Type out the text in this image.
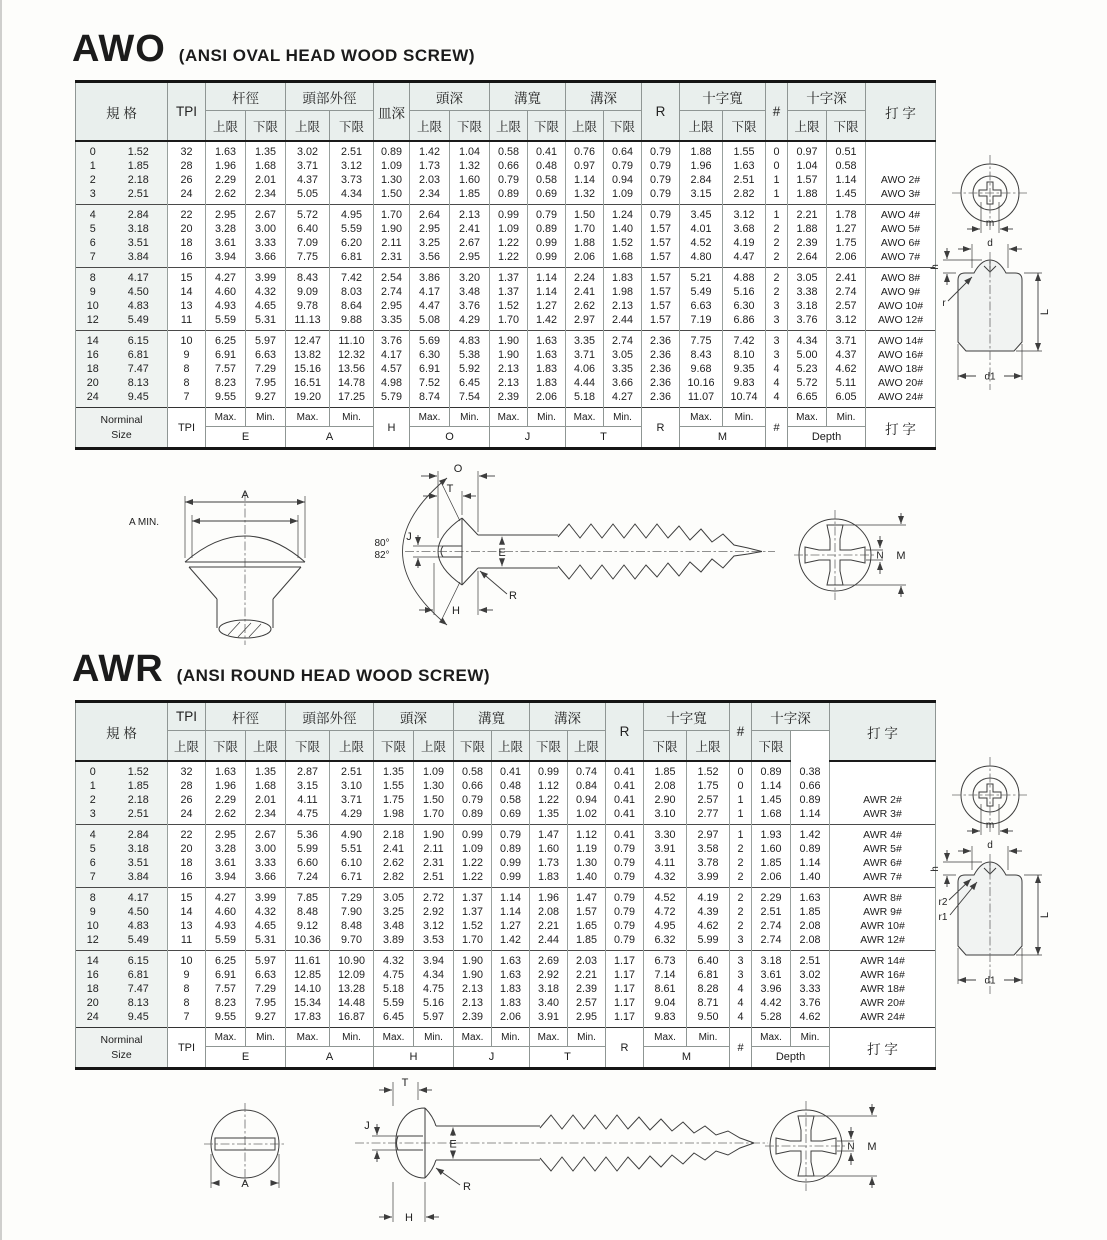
AWO (ANSI OVAL HEAD WOOD SCREW)
規 格		TPI	杆徑		頭部外徑		皿深	頭深		溝寬		溝深		R	十字寬		#	十字深		打 字
			上限	下限	上限	下限		上限	下限	上限	下限	上限	下限		上限	下限		上限	下限	
0	1.52	32	1.63	1.35	3.02	2.51	0.89	1.42	1.04	0.58	0.41	0.76	0.64	0.79	1.88	1.55	0	0.97	0.51	
1	1.85	28	1.96	1.68	3.71	3.12	1.09	1.73	1.32	0.66	0.48	0.97	0.79	0.79	1.96	1.63	0	1.04	0.58	
2	2.18	26	2.29	2.01	4.37	3.73	1.30	2.03	1.60	0.79	0.58	1.14	0.94	0.79	2.84	2.51	1	1.57	1.14	AWO 2#
3	2.51	24	2.62	2.34	5.05	4.34	1.50	2.34	1.85	0.89	0.69	1.32	1.09	0.79	3.15	2.82	1	1.88	1.45	AWO 3#
4	2.84	22	2.95	2.67	5.72	4.95	1.70	2.64	2.13	0.99	0.79	1.50	1.24	0.79	3.45	3.12	1	2.21	1.78	AWO 4#
5	3.18	20	3.28	3.00	6.40	5.59	1.90	2.95	2.41	1.09	0.89	1.70	1.40	1.57	4.01	3.68	2	1.88	1.27	AWO 5#
6	3.51	18	3.61	3.33	7.09	6.20	2.11	3.25	2.67	1.22	0.99	1.88	1.52	1.57	4.52	4.19	2	2.39	1.75	AWO 6#
7	3.84	16	3.94	3.66	7.75	6.81	2.31	3.56	2.95	1.22	0.99	2.06	1.68	1.57	4.80	4.47	2	2.64	2.06	AWO 7#
8	4.17	15	4.27	3.99	8.43	7.42	2.54	3.86	3.20	1.37	1.14	2.24	1.83	1.57	5.21	4.88	2	3.05	2.41	AWO 8#
9	4.50	14	4.60	4.32	9.09	8.03	2.74	4.17	3.48	1.37	1.14	2.41	1.98	1.57	5.49	5.16	2	3.38	2.74	AWO 9#
10	4.83	13	4.93	4.65	9.78	8.64	2.95	4.47	3.76	1.52	1.27	2.62	2.13	1.57	6.63	6.30	3	3.18	2.57	AWO 10#
12	5.49	11	5.59	5.31	11.13	9.88	3.35	5.08	4.29	1.70	1.42	2.97	2.44	1.57	7.19	6.86	3	3.76	3.12	AWO 12#
14	6.15	10	6.25	5.97	12.47	11.10	3.76	5.69	4.83	1.90	1.63	3.35	2.74	2.36	7.75	7.42	3	4.34	3.71	AWO 14#
16	6.81	9	6.91	6.63	13.82	12.32	4.17	6.30	5.38	1.90	1.63	3.71	3.05	2.36	8.43	8.10	3	5.00	4.37	AWO 16#
18	7.47	8	7.57	7.29	15.16	13.56	4.57	6.91	5.92	2.13	1.83	4.06	3.35	2.36	9.68	9.35	4	5.23	4.62	AWO 18#
20	8.13	8	8.23	7.95	16.51	14.78	4.98	7.52	6.45	2.13	1.83	4.44	3.66	2.36	10.16	9.83	4	5.72	5.11	AWO 20#
24	9.45	7	9.55	9.27	19.20	17.25	5.79	8.74	7.54	2.39	2.06	5.18	4.27	2.36	11.07	10.74	4	6.65	6.05	AWO 24#
Norminal
Size		TPI	Max.	Min.	Max.	Min.	H	Max.	Min.	Max.	Min.	Max.	Min.	R	Max.	Min.	#	Max.	Min.	打 字
			E		A			O		J		T			M			Depth		
m
d
h
r
L
d1
A
A MIN.
O
T
80°
82°
J
E
R
H
N M
AWR (ANSI ROUND HEAD WOOD SCREW)
規 格		TPI	杆徑		頭部外徑		頭深		溝寬		溝深		R	十字寬		#	十字深		打 字
		上限	下限	上限	下限	上限	下限	上限	下限	上限	下限	上限		下限	上限		下限		
0	1.52	32	1.63	1.35	2.87	2.51	1.35	1.09	0.58	0.41	0.99	0.74	0.41	1.85	1.52	0	0.89	0.38	
1	1.85	28	1.96	1.68	3.15	3.10	1.55	1.30	0.66	0.48	1.12	0.84	0.41	2.08	1.75	0	1.14	0.66	
2	2.18	26	2.29	2.01	4.11	3.71	1.75	1.50	0.79	0.58	1.22	0.94	0.41	2.90	2.57	1	1.45	0.89	AWR 2#
3	2.51	24	2.62	2.34	4.75	4.29	1.98	1.70	0.89	0.69	1.35	1.02	0.41	3.10	2.77	1	1.68	1.14	AWR 3#
4	2.84	22	2.95	2.67	5.36	4.90	2.18	1.90	0.99	0.79	1.47	1.12	0.41	3.30	2.97	1	1.93	1.42	AWR 4#
5	3.18	20	3.28	3.00	5.99	5.51	2.41	2.11	1.09	0.89	1.60	1.19	0.79	3.91	3.58	2	1.60	0.89	AWR 5#
6	3.51	18	3.61	3.33	6.60	6.10	2.62	2.31	1.22	0.99	1.73	1.30	0.79	4.11	3.78	2	1.85	1.14	AWR 6#
7	3.84	16	3.94	3.66	7.24	6.71	2.82	2.51	1.22	0.99	1.83	1.40	0.79	4.32	3.99	2	2.06	1.40	AWR 7#
8	4.17	15	4.27	3.99	7.85	7.29	3.05	2.72	1.37	1.14	1.96	1.47	0.79	4.52	4.19	2	2.29	1.63	AWR 8#
9	4.50	14	4.60	4.32	8.48	7.90	3.25	2.92	1.37	1.14	2.08	1.57	0.79	4.72	4.39	2	2.51	1.85	AWR 9#
10	4.83	13	4.93	4.65	9.12	8.48	3.48	3.12	1.52	1.27	2.21	1.65	0.79	4.95	4.62	2	2.74	2.08	AWR 10#
12	5.49	11	5.59	5.31	10.36	9.70	3.89	3.53	1.70	1.42	2.44	1.85	0.79	6.32	5.99	3	2.74	2.08	AWR 12#
14	6.15	10	6.25	5.97	11.61	10.90	4.32	3.94	1.90	1.63	2.69	2.03	1.17	6.73	6.40	3	3.18	2.51	AWR 14#
16	6.81	9	6.91	6.63	12.85	12.09	4.75	4.34	1.90	1.63	2.92	2.21	1.17	7.14	6.81	3	3.61	3.02	AWR 16#
18	7.47	8	7.57	7.29	14.10	13.28	5.18	4.75	2.13	1.83	3.18	2.39	1.17	8.61	8.28	4	3.96	3.33	AWR 18#
20	8.13	8	8.23	7.95	15.34	14.48	5.59	5.16	2.13	1.83	3.40	2.57	1.17	9.04	8.71	4	4.42	3.76	AWR 20#
24	9.45	7	9.55	9.27	17.83	16.87	6.45	5.97	2.39	2.06	3.91	2.95	1.17	9.83	9.50	4	5.28	4.62	AWR 24#
Norminal
Size		TPI	Max.	Min.	Max.	Min.	Max.	Min.	Max.	Min.	Max.	Min.	R	Max.	Min.	#	Max.	Min.	打 字
			E		A		H		J		T			M			Depth		
m
d
h
r2
r1	L
d1
A
T
J
E
R
H
N M
